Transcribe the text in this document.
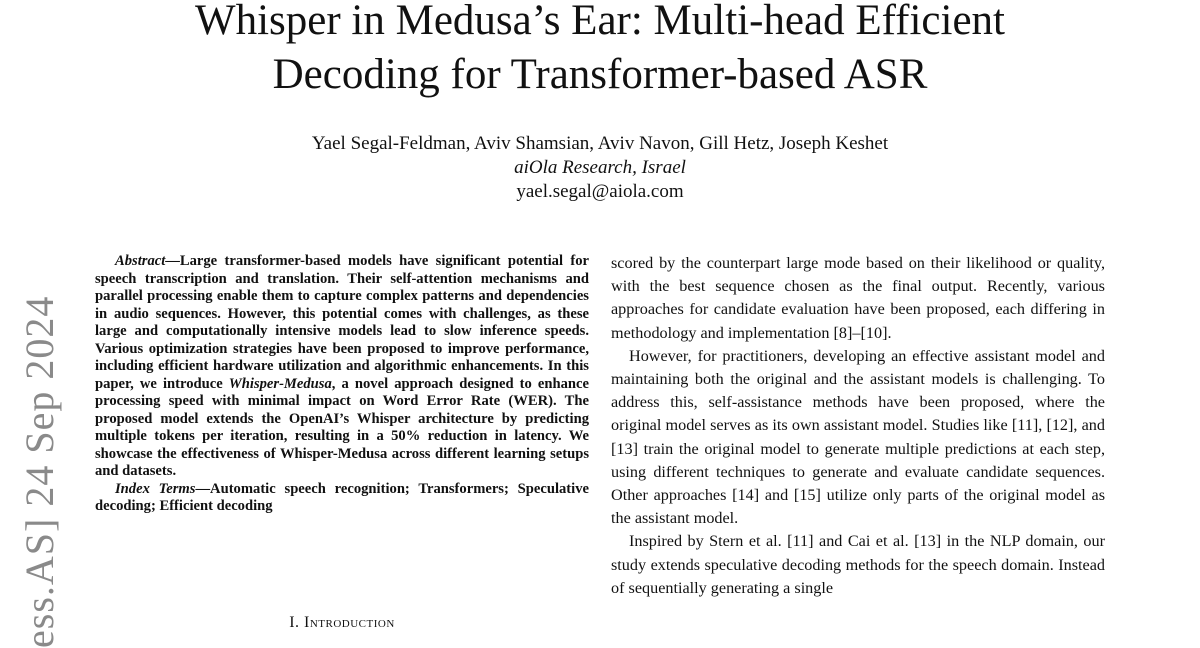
Whisper in Medusa’s Ear: Multi-head Efficient
Decoding for Transformer-based ASR
Yael Segal-Feldman, Aviv Shamsian, Aviv Navon, Gill Hetz, Joseph Keshet
aiOla Research, Israel
yael.segal@aiola.com
ess.AS] 24 Sep 2024

Abstract—Large transformer-based models have significant potential for speech transcription and translation. Their self-attention mechanisms and parallel processing enable them to capture complex patterns and dependencies in audio sequences. However, this potential comes with challenges, as these large and computationally intensive models lead to slow inference speeds. Various optimization strategies have been proposed to improve performance, including efficient hardware utilization and algorithmic enhancements. In this paper, we introduce Whisper-Medusa, a novel approach designed to enhance processing speed with minimal impact on Word Error Rate (WER). The proposed model extends the OpenAI’s Whisper architecture by predicting multiple tokens per iteration, resulting in a 50% reduction in latency. We showcase the effectiveness of Whisper-Medusa across different learning setups and datasets.

Index Terms—Automatic speech recognition; Transformers; Speculative decoding; Efficient decoding

I. Introduction

scored by the counterpart large mode based on their likelihood or quality, with the best sequence chosen as the final output. Recently, various approaches for candidate evaluation have been proposed, each differing in methodology and implementation [8]–[10].

However, for practitioners, developing an effective assistant model and maintaining both the original and the assistant models is challenging. To address this, self-assistance methods have been proposed, where the original model serves as its own assistant model. Studies like [11], [12], and [13] train the original model to generate multiple predictions at each step, using different techniques to generate and evaluate candidate sequences. Other approaches [14] and [15] utilize only parts of the original model as the assistant model.

Inspired by Stern et al. [11] and Cai et al. [13] in the NLP domain, our study extends speculative decoding methods for the speech domain. Instead of sequentially generating a single
